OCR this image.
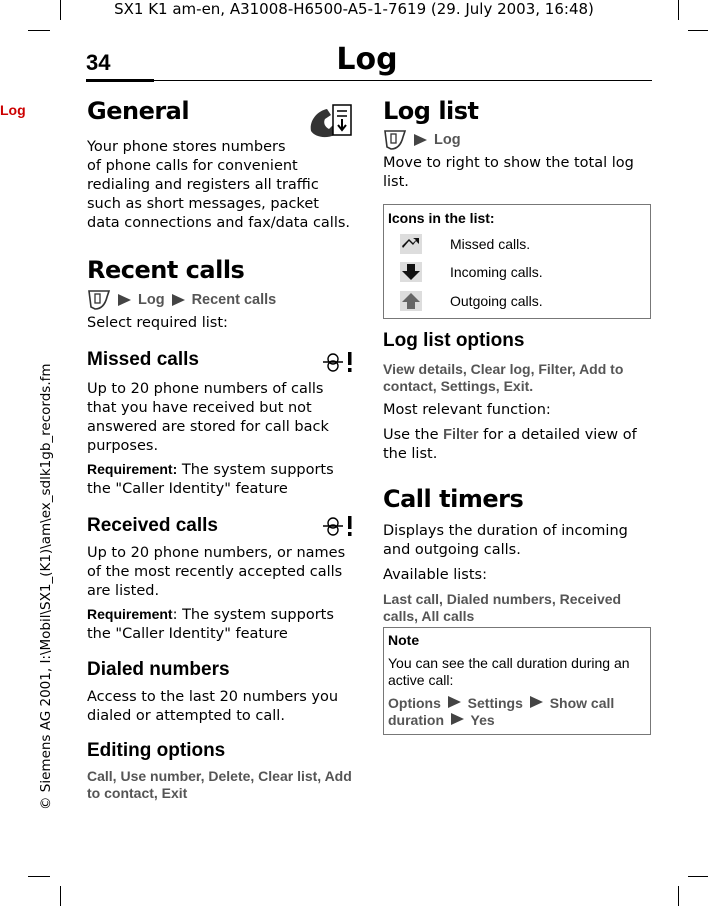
SX1 K1 am-en, A31008-H6500-A5-1-7619 (29. July 2003, 16:48)
34	Log
Log
© Siemens AG 2001, I:\Mobil\SX1_(K1)\am\ex_sdlk1gb_records.fm
General

Your phone stores numbers

of phone calls for convenient redialing and registers all traffic such as short messages, packet data connections and fax/data calls.

Recent calls
Log Recent calls

Select required list:

Missed calls

Up to 20 phone numbers of calls that you have received but not answered are stored for call back purposes.

Requirement: The system supports the "Caller Identity" feature

Received calls

Up to 20 phone numbers, or names of the most recently accepted calls are listed.

Requirement: The system supports the "Caller Identity" feature

Dialed numbers

Access to the last 20 numbers you dialed or attempted to call.

Editing options

Call, Use number, Delete, Clear list, Add to contact, Exit

Log list
Log

Move to right to show the total log list.

Icons in the list:
Missed calls.
Incoming calls.
Outgoing calls.
Log list options

View details, Clear log, Filter, Add to contact, Settings, Exit.

Most relevant function:

Use the Filter for a detailed view of the list.

Call timers

Displays the duration of incoming and outgoing calls.

Available lists:

Last call, Dialed numbers, Received calls, All calls

Note
You can see the call duration during an active call:
Options Settings Show call duration Yes
